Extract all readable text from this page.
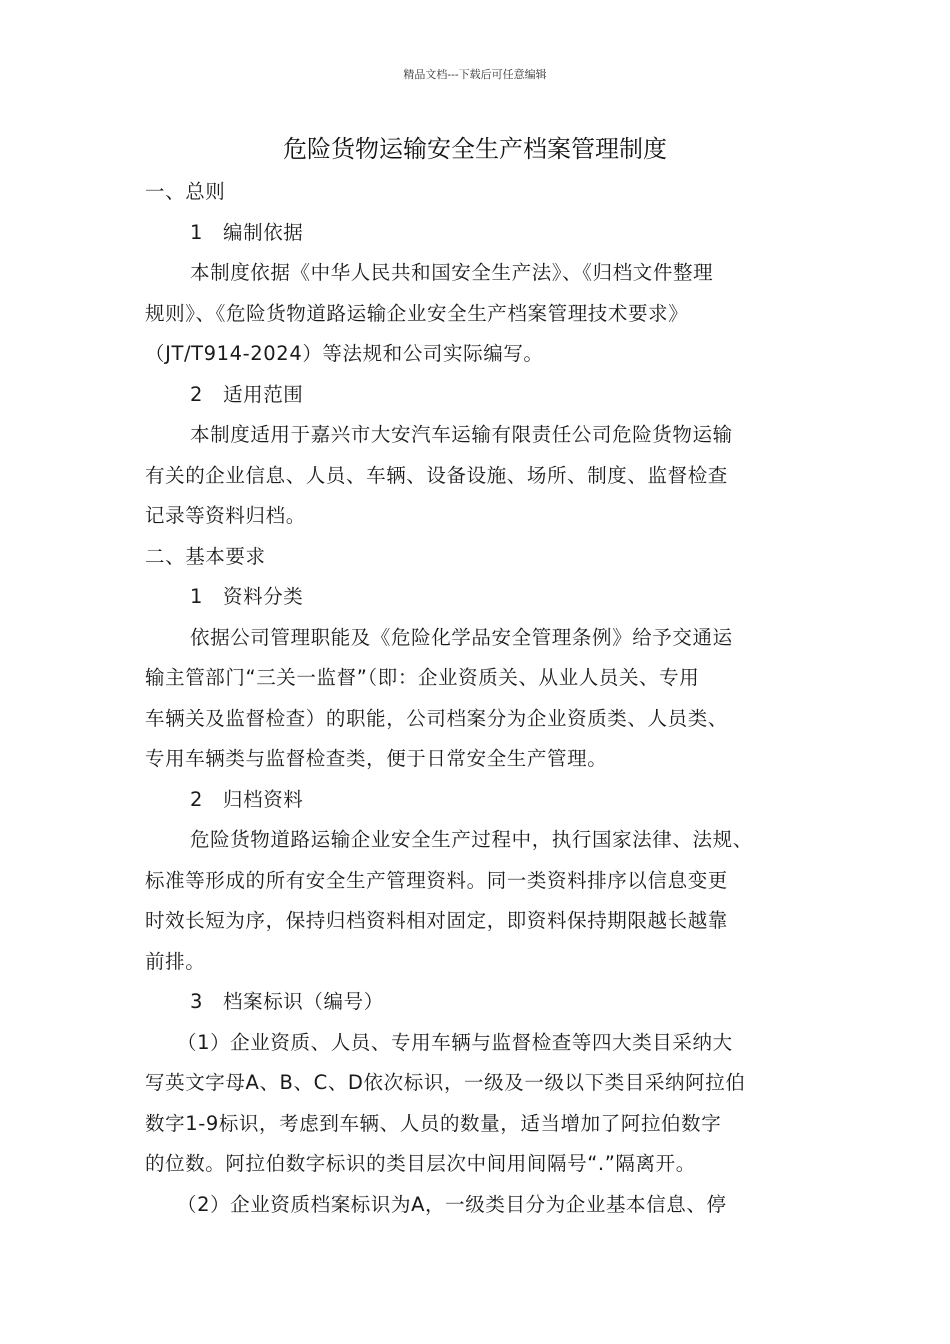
精品文档---下载后可任意编辑
危险货物运输安全生产档案管理制度
一、总则
1 编制依据
本制度依据《中华人民共和国安全生产法》、《归档文件整理
规则》、《危险货物道路运输企业安全生产档案管理技术要求》
（JT/T914-2024）等法规和公司实际编写。
2 适用范围
本制度适用于嘉兴市大安汽车运输有限责任公司危险货物运输
有关的企业信息、人员、车辆、设备设施、场所、制度、监督检查
记录等资料归档。
二、基本要求
1 资料分类
依据公司管理职能及《危险化学品安全管理条例》给予交通运
输主管部门“三关一监督”（即：企业资质关、从业人员关、专用
车辆关及监督检查）的职能，公司档案分为企业资质类、人员类、
专用车辆类与监督检查类，便于日常安全生产管理。
2 归档资料
危险货物道路运输企业安全生产过程中，执行国家法律、法规、
标准等形成的所有安全生产管理资料。同一类资料排序以信息变更
时效长短为序，保持归档资料相对固定，即资料保持期限越长越靠
前排。
3 档案标识（编号）
（1）企业资质、人员、专用车辆与监督检查等四大类目采纳大
写英文字母A、B、C、D依次标识，一级及一级以下类目采纳阿拉伯
数字1-9标识，考虑到车辆、人员的数量，适当增加了阿拉伯数字
的位数。阿拉伯数字标识的类目层次中间用间隔号“.”隔离开。
（2）企业资质档案标识为A，一级类目分为企业基本信息、停
